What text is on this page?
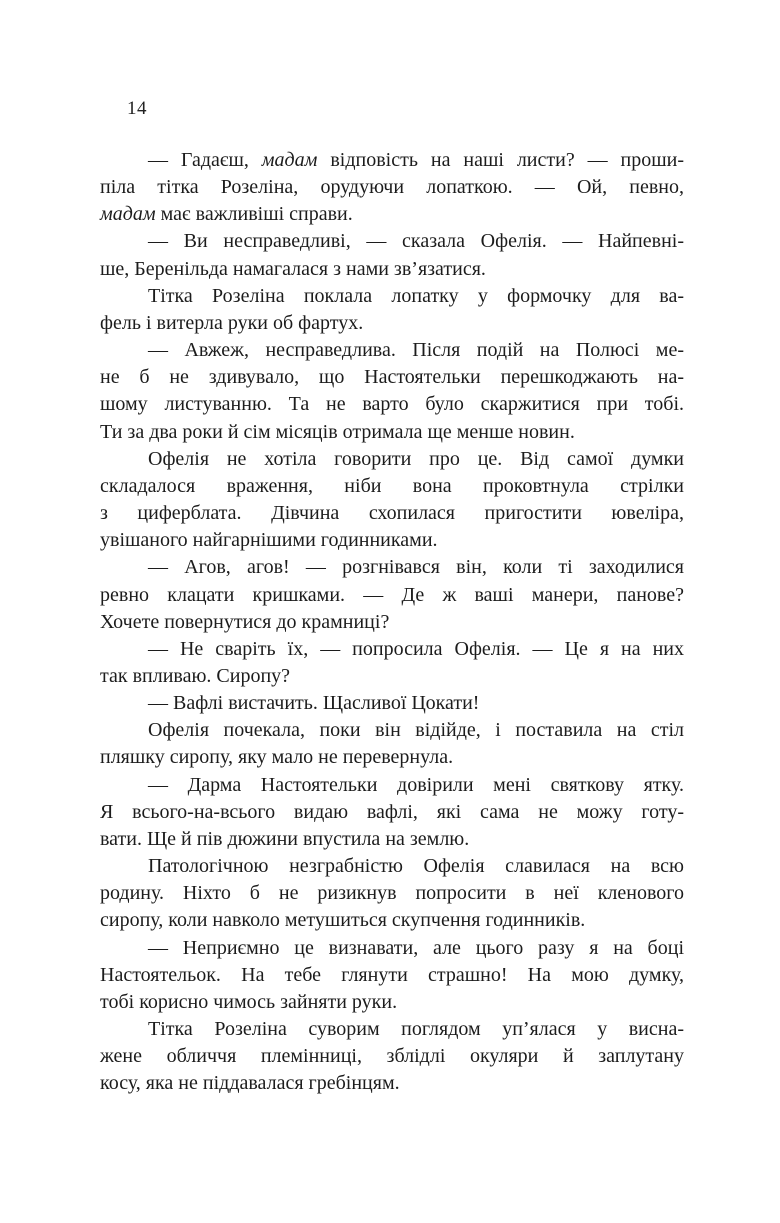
14
— Гадаєш, мадам відповість на наші листи? — проши-
піла тітка Розеліна, орудуючи лопаткою. — Ой, певно,
мадам має важливіші справи.
— Ви несправедливі, — сказала Офелія. — Найпевні-
ше, Беренільда намагалася з нами зв’язатися.
Тітка Розеліна поклала лопатку у формочку для ва-
фель і витерла руки об фартух.
— Авжеж, несправедлива. Після подій на Полюсі ме-
не б не здивувало, що Настоятельки перешкоджають на-
шому листуванню. Та не варто було скаржитися при тобі.
Ти за два роки й сім місяців отримала ще менше новин.
Офелія не хотіла говорити про це. Від самої думки
складалося враження, ніби вона проковтнула стрілки
з циферблата. Дівчина схопилася пригостити ювеліра,
увішаного найгарнішими годинниками.
— Агов, агов! — розгнівався він, коли ті заходилися
ревно клацати кришками. — Де ж ваші манери, панове?
Хочете повернутися до крамниці?
— Не сваріть їх, — попросила Офелія. — Це я на них
так впливаю. Сиропу?
— Вафлі вистачить. Щасливої Цокати!
Офелія почекала, поки він відійде, і поставила на стіл
пляшку сиропу, яку мало не перевернула.
— Дарма Настоятельки довірили мені святкову ятку.
Я всього-на-всього видаю вафлі, які сама не можу готу-
вати. Ще й пів дюжини впустила на землю.
Патологічною незграбністю Офелія славилася на всю
родину. Ніхто б не ризикнув попросити в неї кленового
сиропу, коли навколо метушиться скупчення годинників.
— Неприємно це визнавати, але цього разу я на боці
Настоятельок. На тебе глянути страшно! На мою думку,
тобі корисно чимось зайняти руки.
Тітка Розеліна суворим поглядом уп’ялася у висна-
жене обличчя племінниці, зблідлі окуляри й заплутану
косу, яка не піддавалася гребінцям.
